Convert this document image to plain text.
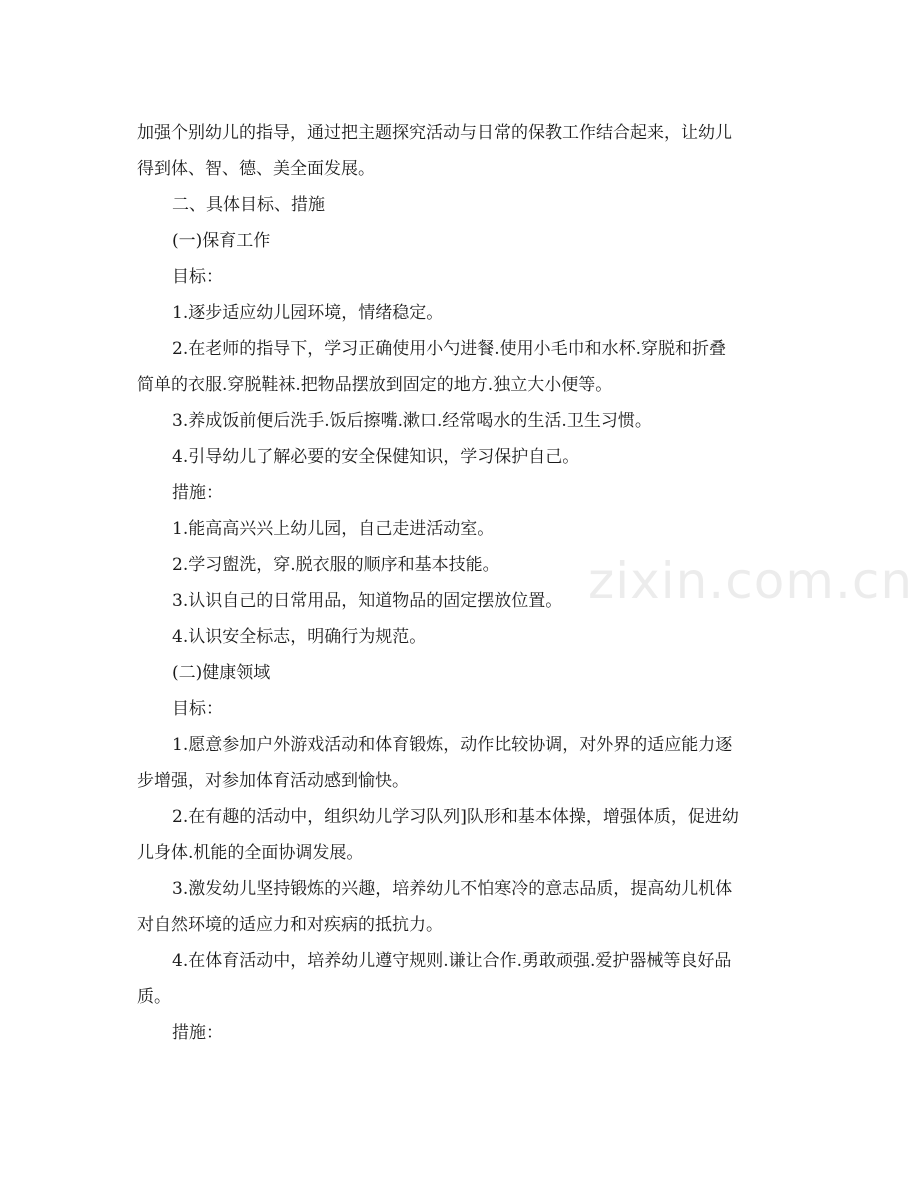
加强个别幼儿的指导，通过把主题探究活动与日常的保教工作结合起来，让幼儿
得到体、智、德、美全面发展。
二、具体目标、措施
(一)保育工作
目标：
1.逐步适应幼儿园环境，情绪稳定。
2.在老师的指导下，学习正确使用小勺进餐.使用小毛巾和水杯.穿脱和折叠
简单的衣服.穿脱鞋袜.把物品摆放到固定的地方.独立大小便等。
3.养成饭前便后洗手.饭后擦嘴.漱口.经常喝水的生活.卫生习惯。
4.引导幼儿了解必要的安全保健知识，学习保护自己。
措施：
1.能高高兴兴上幼儿园，自己走进活动室。
2.学习盥洗，穿.脱衣服的顺序和基本技能。
3.认识自己的日常用品，知道物品的固定摆放位置。
4.认识安全标志，明确行为规范。
(二)健康领域
目标：
1.愿意参加户外游戏活动和体育锻炼，动作比较协调，对外界的适应能力逐
步增强，对参加体育活动感到愉快。
2.在有趣的活动中，组织幼儿学习队列]队形和基本体操，增强体质，促进幼
儿身体.机能的全面协调发展。
3.激发幼儿坚持锻炼的兴趣，培养幼儿不怕寒冷的意志品质，提高幼儿机体
对自然环境的适应力和对疾病的抵抗力。
4.在体育活动中，培养幼儿遵守规则.谦让合作.勇敢顽强.爱护器械等良好品
质。
措施：
zixin.com.cn
